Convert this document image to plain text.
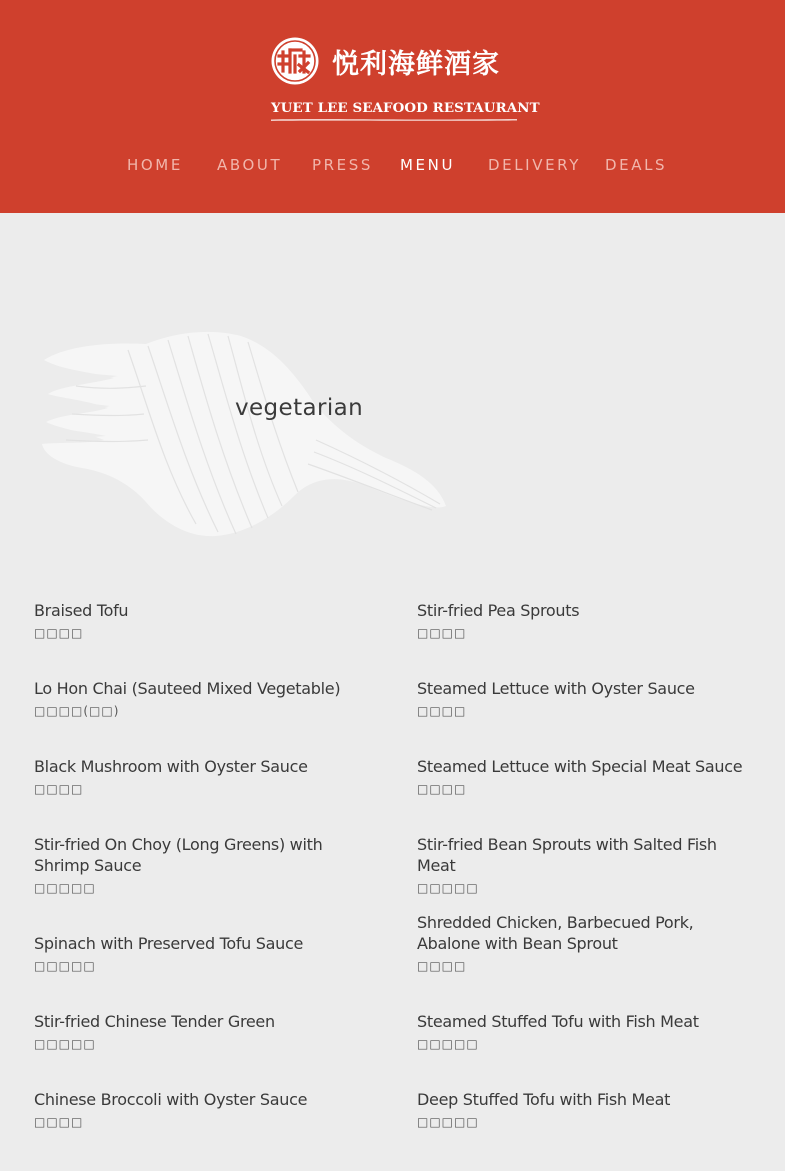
悦利海鲜酒家
YUET LEE SEAFOOD RESTAURANT
HOME ABOUT PRESS MENU DELIVERY DEALS
vegetarian
Braised Tofu
□□□□
Lo Hon Chai (Sauteed Mixed Vegetable)
□□□□(□□)
Black Mushroom with Oyster Sauce
□□□□
Stir-fried On Choy (Long Greens) with Shrimp Sauce
□□□□□
Spinach with Preserved Tofu Sauce
□□□□□
Stir-fried Chinese Tender Green
□□□□□
Chinese Broccoli with Oyster Sauce
□□□□
Stir-fried Pea Sprouts
□□□□
Steamed Lettuce with Oyster Sauce
□□□□
Steamed Lettuce with Special Meat Sauce
□□□□
Stir-fried Bean Sprouts with Salted Fish Meat
□□□□□
Shredded Chicken, Barbecued Pork, Abalone with Bean Sprout
□□□□
Steamed Stuffed Tofu with Fish Meat
□□□□□
Deep Stuffed Tofu with Fish Meat
□□□□□
